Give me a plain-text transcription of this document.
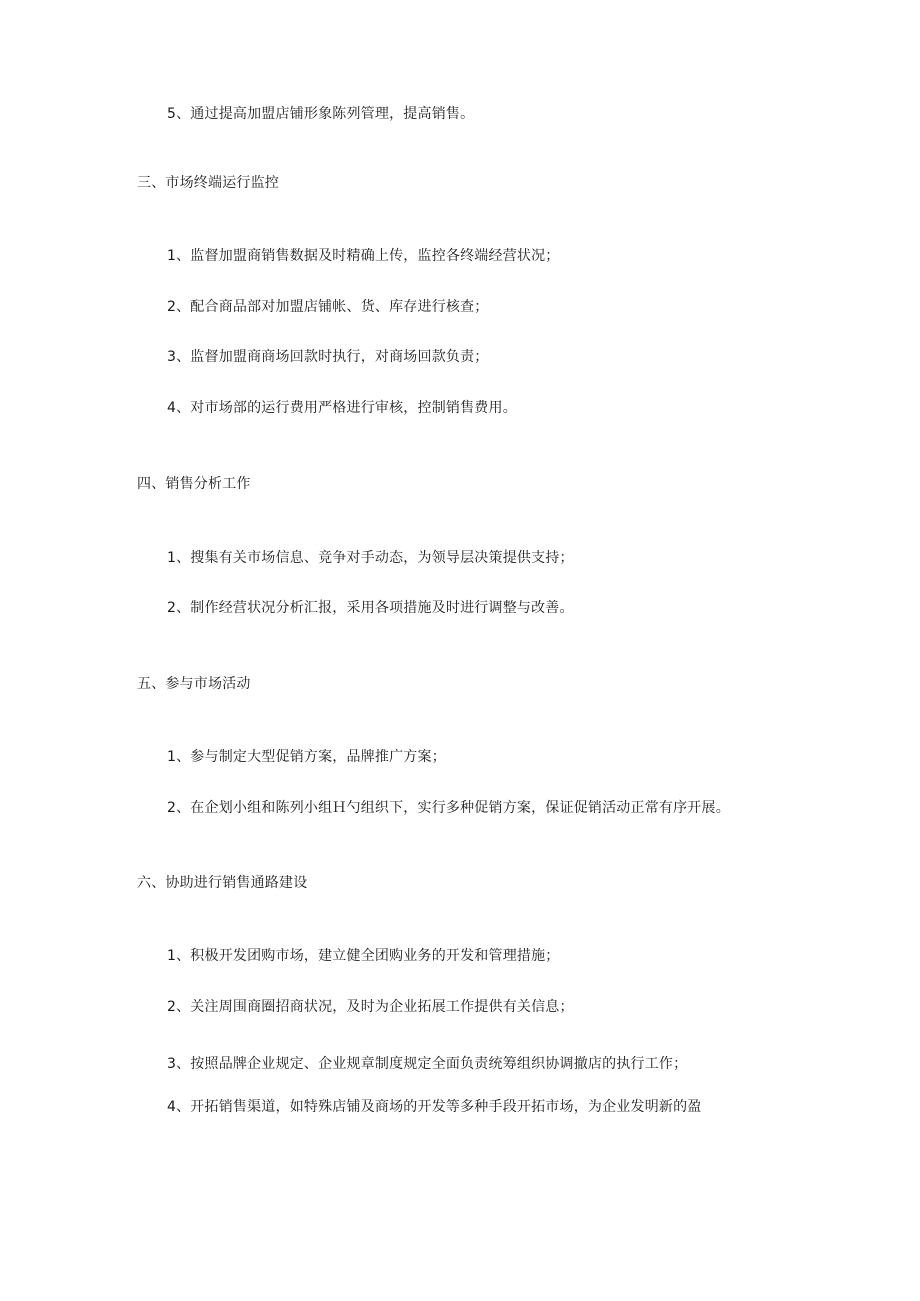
5、通过提高加盟店铺形象陈列管理，提高销售。
三、市场终端运行监控
1、监督加盟商销售数据及时精确上传，监控各终端经营状况；
2、配合商品部对加盟店铺帐、货、库存进行核查；
3、监督加盟商商场回款时执行，对商场回款负责；
4、对市场部的运行费用严格进行审核，控制销售费用。
四、销售分析工作
1、搜集有关市场信息、竞争对手动态，为领导层决策提供支持；
2、制作经营状况分析汇报，采用各项措施及时进行调整与改善。
五、参与市场活动
1、参与制定大型促销方案，品牌推广方案；
2、在企划小组和陈列小组Ｈ勺组织下，实行多种促销方案，保证促销活动正常有序开展。
六、协助进行销售通路建设
1、积极开发团购市场，建立健全团购业务的开发和管理措施；
2、关注周围商圈招商状况，及时为企业拓展工作提供有关信息；
3、按照品牌企业规定、企业规章制度规定全面负责统筹组织协调撤店的执行工作；
4、开拓销售渠道，如特殊店铺及商场的开发等多种手段开拓市场，为企业发明新的盈
